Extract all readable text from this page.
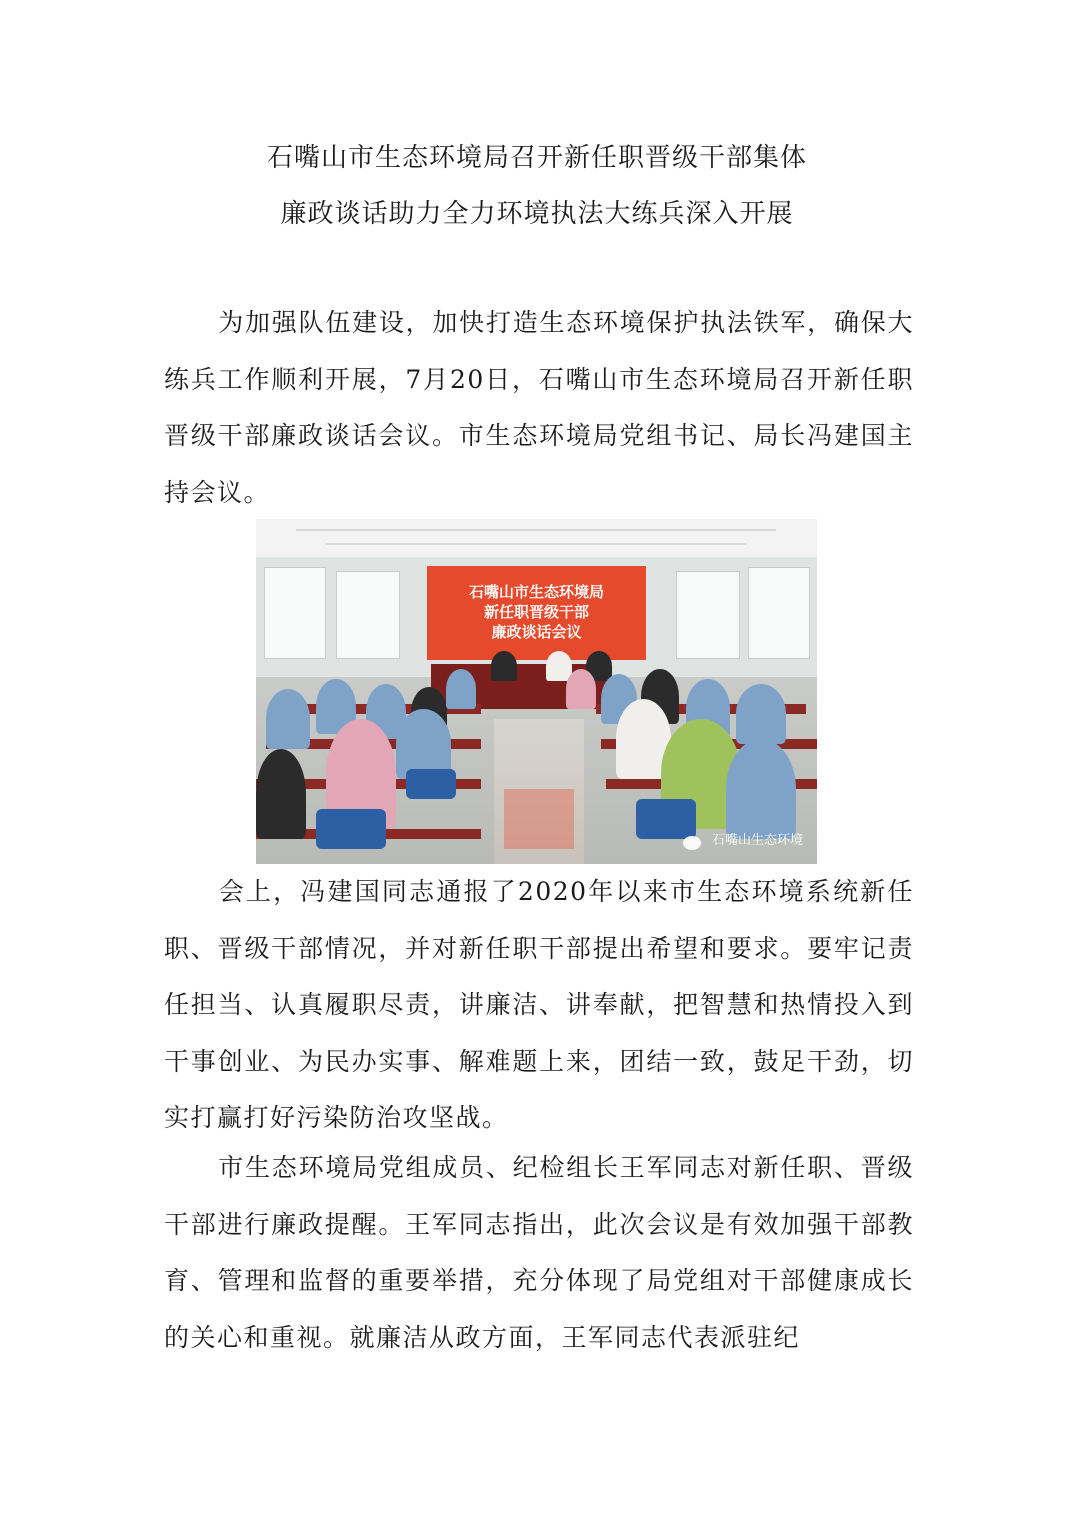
石嘴山市生态环境局召开新任职晋级干部集体
廉政谈话助力全力环境执法大练兵深入开展

为加强队伍建设，加快打造生态环境保护执法铁军，确保大练兵工作顺利开展，7月20日，石嘴山市生态环境局召开新任职晋级干部廉政谈话会议。市生态环境局党组书记、局长冯建国主持会议。

石嘴山市生态环境局
新任职晋级干部
廉政谈话会议
石嘴山生态环境

会上，冯建国同志通报了2020年以来市生态环境系统新任职、晋级干部情况，并对新任职干部提出希望和要求。要牢记责任担当、认真履职尽责，讲廉洁、讲奉献，把智慧和热情投入到干事创业、为民办实事、解难题上来，团结一致，鼓足干劲，切实打赢打好污染防治攻坚战。

市生态环境局党组成员、纪检组长王军同志对新任职、晋级干部进行廉政提醒。王军同志指出，此次会议是有效加强干部教育、管理和监督的重要举措，充分体现了局党组对干部健康成长的关心和重视。就廉洁从政方面，王军同志代表派驻纪
